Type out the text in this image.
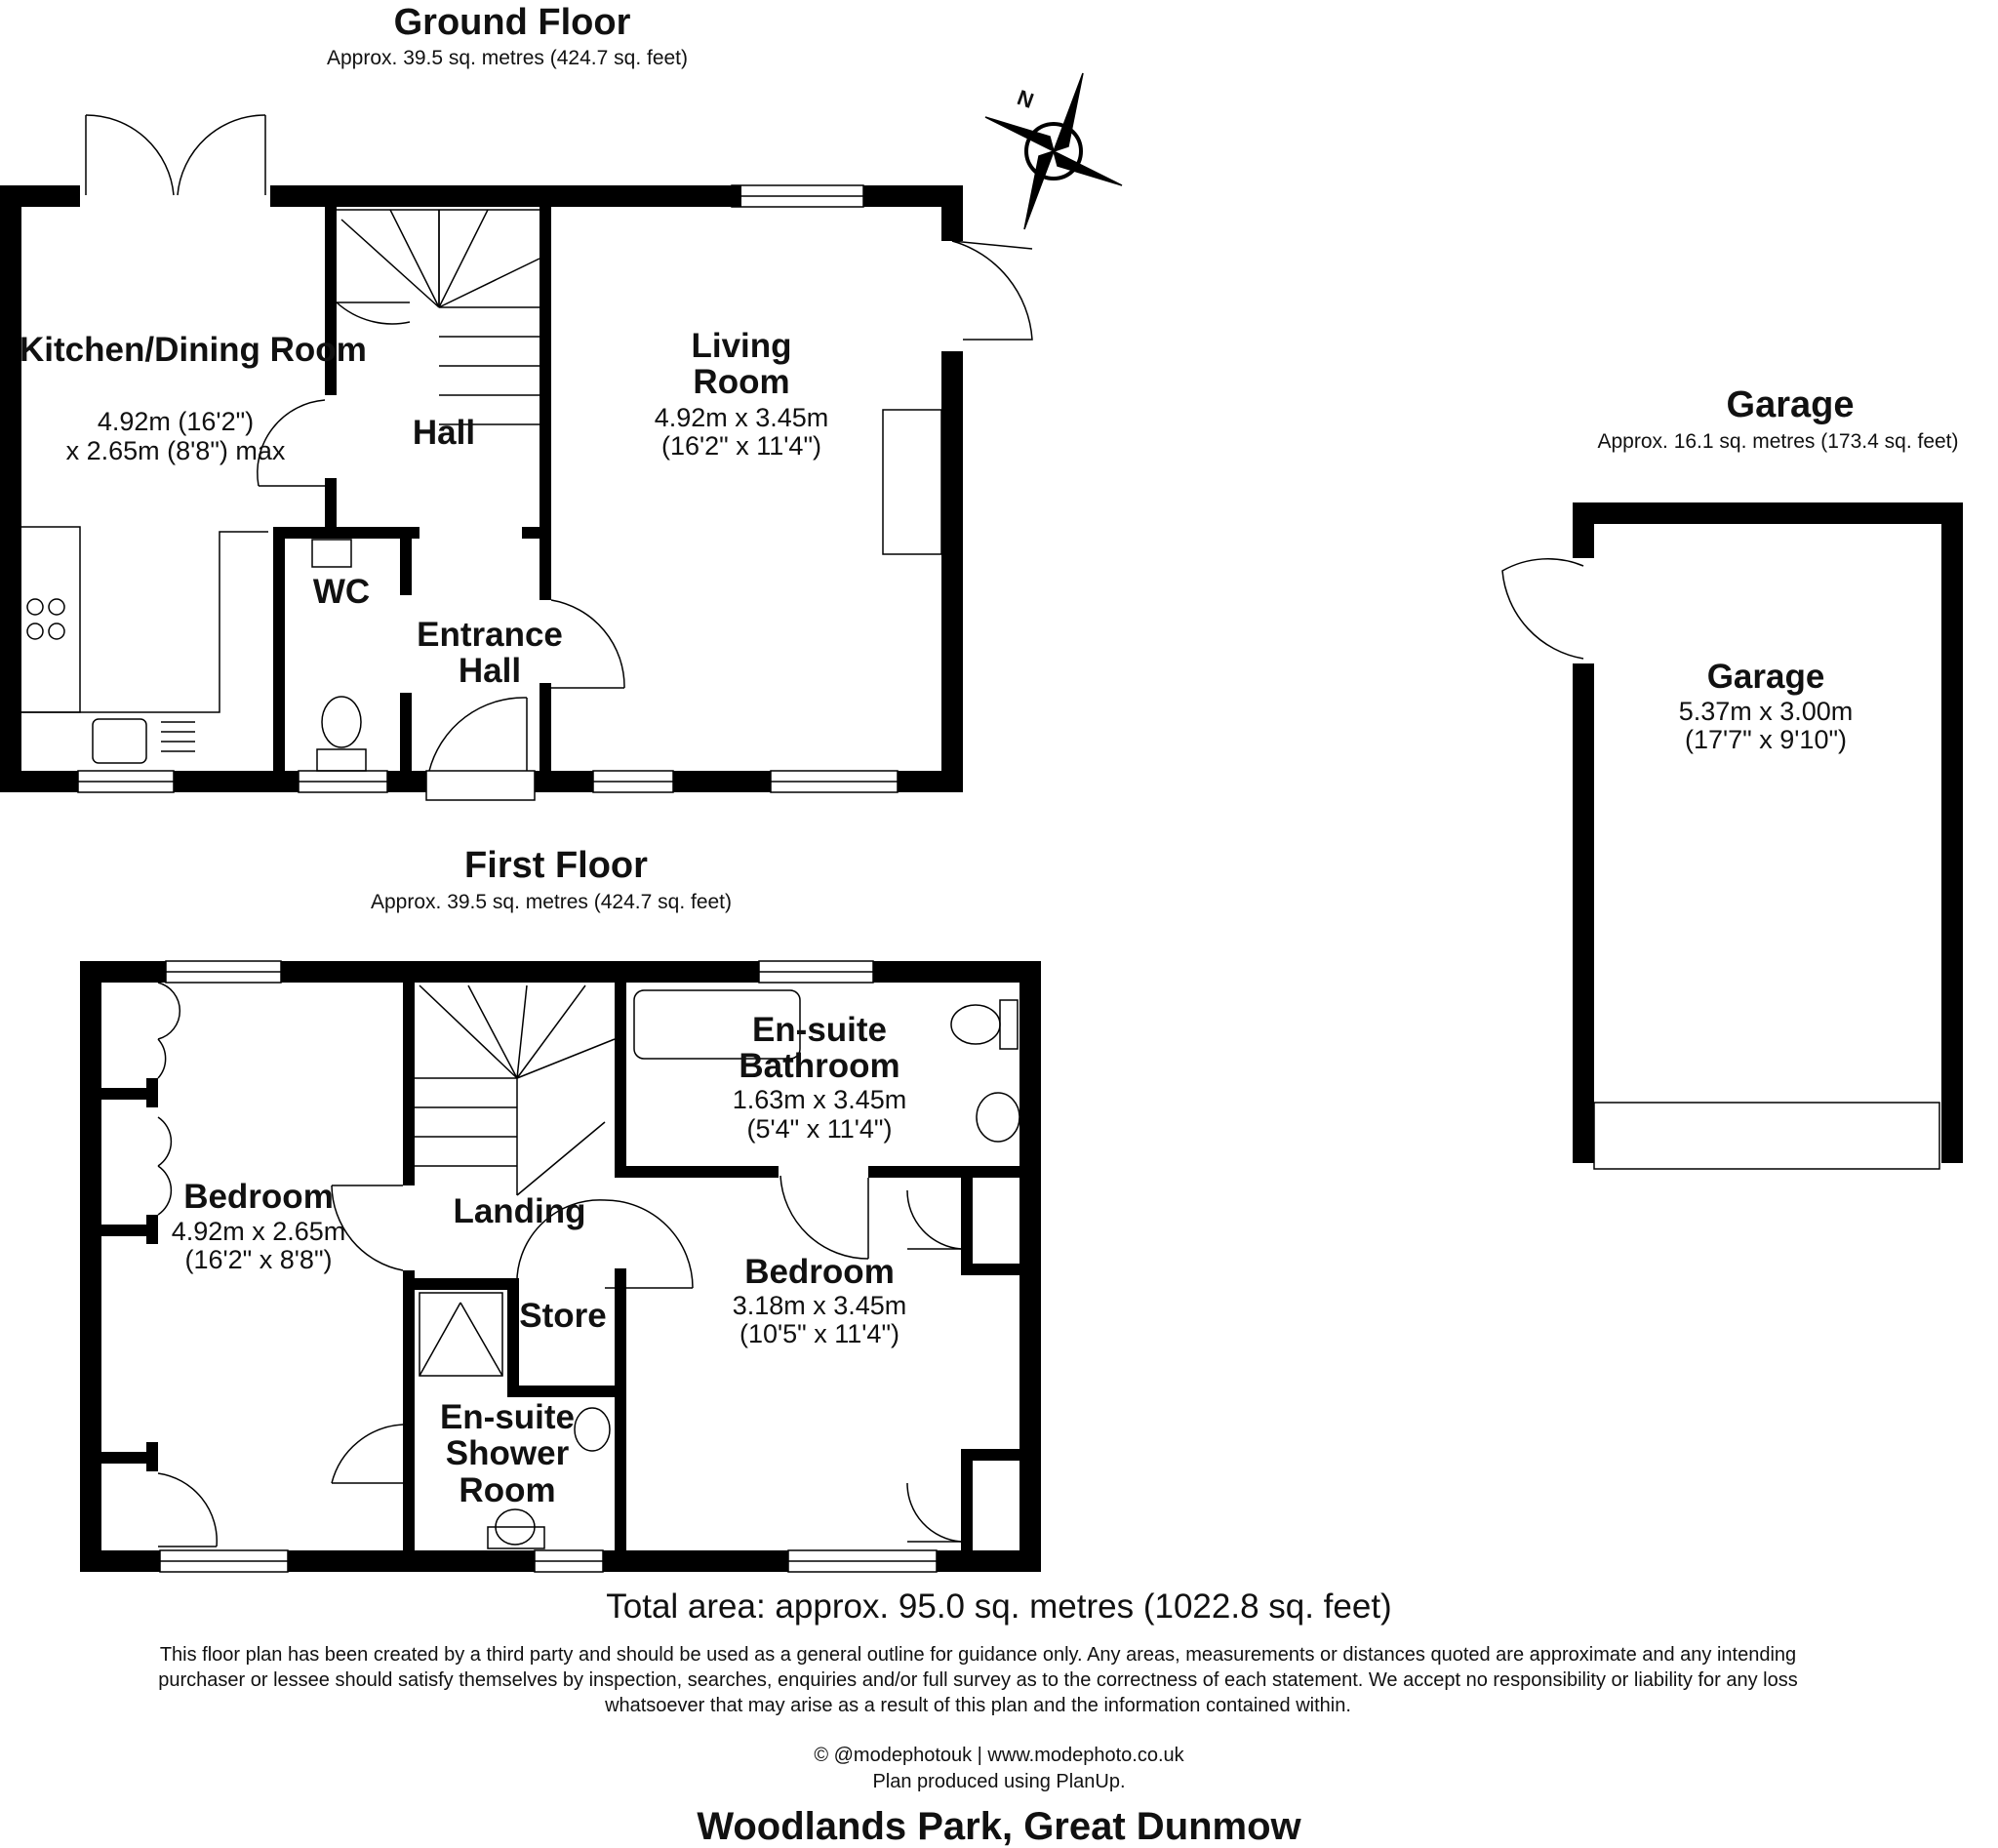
Ground Floor
Approx. 39.5 sq. metres (424.7 sq. feet)
N
Kitchen/Dining Room
4.92m (16'2")
x 2.65m (8'8") max	Hall
WC
Entrance Hall
Living Room
4.92m x 3.45m
(16'2" x 11'4")
Garage
Approx. 16.1 sq. metres (173.4 sq. feet)
Garage
5.37m x 3.00m
(17'7" x 9'10")
First Floor
Approx. 39.5 sq. metres (424.7 sq. feet)
En-suite Bathroom
1.63m x 3.45m
(5'4" x 11'4")
Bedroom
4.92m x 2.65m
(16'2" x 8'8")
Landing
Store
Bedroom
3.18m x 3.45m
(10'5" x 11'4")
En-suite Shower Room
Total area: approx. 95.0 sq. metres (1022.8 sq. feet)
This floor plan has been created by a third party and should be used as a general outline for guidance only. Any areas, measurements or distances quoted are approximate and any intending purchaser or lessee should satisfy themselves by inspection, searches, enquiries and/or full survey as to the correctness of each statement. We accept no responsibility or liability for any loss whatsoever that may arise as a result of this plan and the information contained within.
© @modephotouk | www.modephoto.co.uk
Plan produced using PlanUp.
Woodlands Park, Great Dunmow
